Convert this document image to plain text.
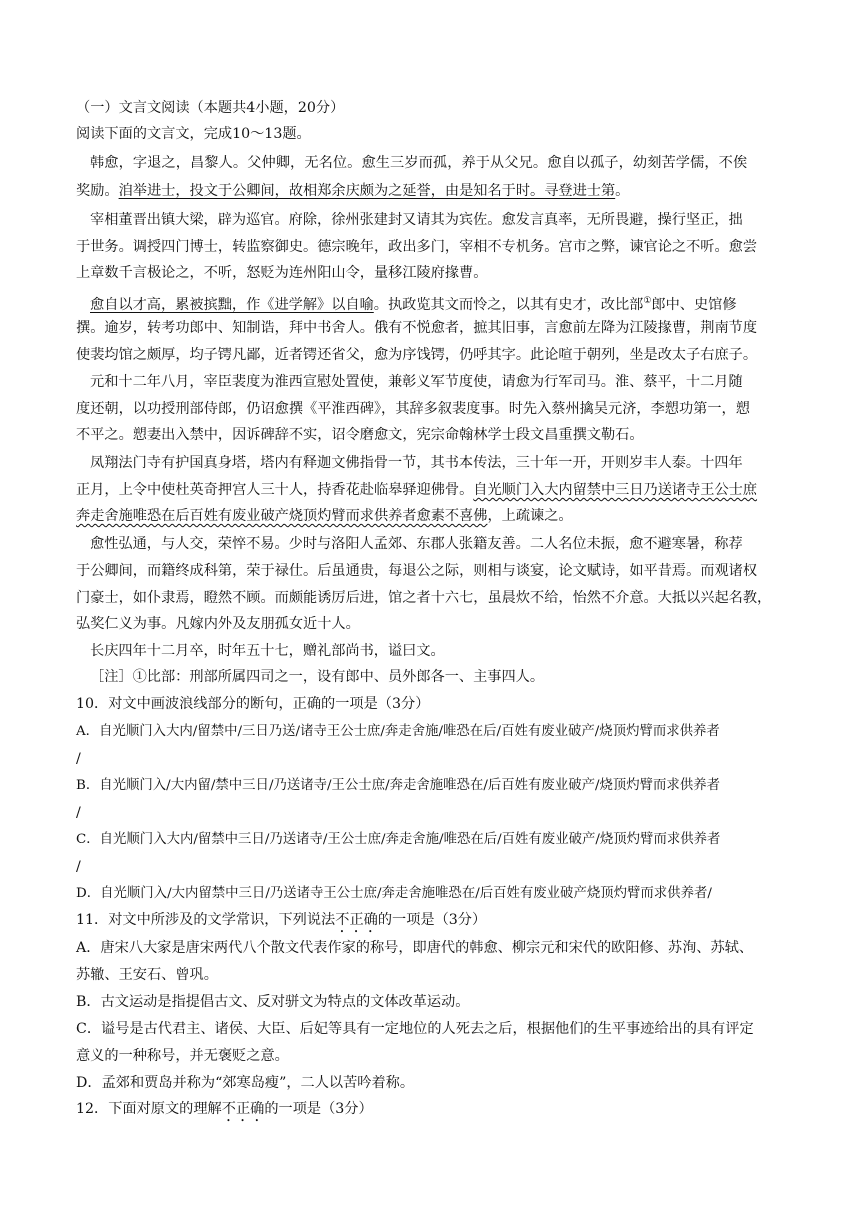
（一）文言文阅读（本题共4小题，20分）
阅读下面的文言文，完成10～13题。
韩愈，字退之，昌黎人。父仲卿，无名位。愈生三岁而孤，养于从父兄。愈自以孤子，幼刻苦学儒，不俟
奖励。洎举进士，投文于公卿间，故相郑余庆颇为之延誉，由是知名于时。寻登进士第。
宰相董晋出镇大梁，辟为巡官。府除，徐州张建封又请其为宾佐。愈发言真率，无所畏避，操行坚正，拙
于世务。调授四门博士，转监察御史。德宗晚年，政出多门，宰相不专机务。宫市之弊，谏官论之不听。愈尝
上章数千言极论之，不听，怒贬为连州阳山令，量移江陵府掾曹。
愈自以才高，累被摈黜，作《进学解》以自喻。执政览其文而怜之，以其有史才，改比部①郎中、史馆修
撰。逾岁，转考功郎中、知制诰，拜中书舍人。俄有不悦愈者，摭其旧事，言愈前左降为江陵掾曹，荆南节度
使裴均馆之颇厚，均子锷凡鄙，近者锷还省父，愈为序饯锷，仍呼其字。此论喧于朝列，坐是改太子右庶子。
元和十二年八月，宰臣裴度为淮西宣慰处置使，兼彰义军节度使，请愈为行军司马。淮、蔡平，十二月随
度还朝，以功授刑部侍郎，仍诏愈撰《平淮西碑》，其辞多叙裴度事。时先入蔡州擒吴元济，李愬功第一，愬
不平之。愬妻出入禁中，因诉碑辞不实，诏令磨愈文，宪宗命翰林学士段文昌重撰文勒石。
凤翔法门寺有护国真身塔，塔内有释迦文佛指骨一节，其书本传法，三十年一开，开则岁丰人泰。十四年
正月，上令中使杜英奇押宫人三十人，持香花赴临皋驿迎佛骨。自光顺门入大内留禁中三日乃送诸寺王公士庶
奔走舍施唯恐在后百姓有废业破产烧顶灼臂而求供养者愈素不喜佛，上疏谏之。
愈性弘通，与人交，荣悴不易。少时与洛阳人孟郊、东郡人张籍友善。二人名位未振，愈不避寒暑，称荐
于公卿间，而籍终成科第，荣于禄仕。后虽通贵，每退公之际，则相与谈宴，论文赋诗，如平昔焉。而观诸权
门豪士，如仆隶焉，瞪然不顾。而颇能诱厉后进，馆之者十六七，虽晨炊不给，怡然不介意。大抵以兴起名教，
弘奖仁义为事。凡嫁内外及友朋孤女近十人。
长庆四年十二月卒，时年五十七，赠礼部尚书，谥曰文。
［注］①比部：刑部所属四司之一，设有郎中、员外郎各一、主事四人。
10．对文中画波浪线部分的断句，正确的一项是（3分）
A．自光顺门入大内/留禁中/三日乃送/诸寺王公士庶/奔走舍施/唯恐在后/百姓有废业破产/烧顶灼臂而求供养者
/
B．自光顺门入/大内留/禁中三日/乃送诸寺/王公士庶/奔走舍施唯恐在/后百姓有废业破产/烧顶灼臂而求供养者
/
C．自光顺门入大内/留禁中三日/乃送诸寺/王公士庶/奔走舍施/唯恐在后/百姓有废业破产/烧顶灼臂而求供养者
/
D．自光顺门入/大内留禁中三日/乃送诸寺王公士庶/奔走舍施唯恐在/后百姓有废业破产烧顶灼臂而求供养者/
11．对文中所涉及的文学常识，下列说法不正确的一项是（3分）
A．唐宋八大家是唐宋两代八个散文代表作家的称号，即唐代的韩愈、柳宗元和宋代的欧阳修、苏洵、苏轼、
苏辙、王安石、曾巩。
B．古文运动是指提倡古文、反对骈文为特点的文体改革运动。
C．谥号是古代君主、诸侯、大臣、后妃等具有一定地位的人死去之后，根据他们的生平事迹给出的具有评定
意义的一种称号，并无褒贬之意。
D．孟郊和贾岛并称为“郊寒岛瘦”，二人以苦吟着称。
12．下面对原文的理解不正确的一项是（3分）
